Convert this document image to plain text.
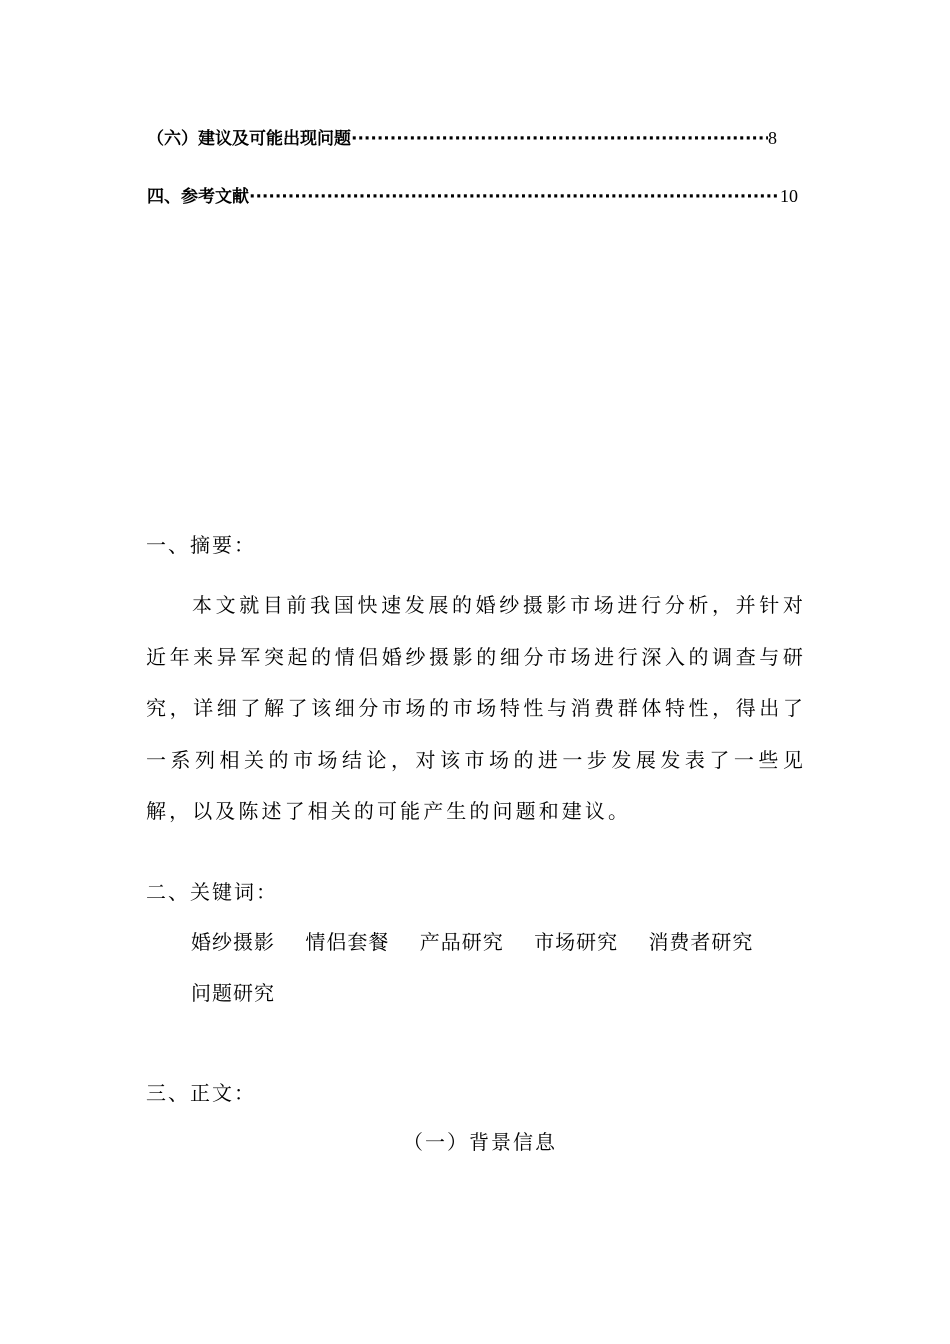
（六）建议及可能出现问题 ·····	8
四、参考文献 ·····	10
一、摘要：

本文就目前我国快速发展的婚纱摄影市场进行分析，并针对近年来异军突起的情侣婚纱摄影的细分市场进行深入的调查与研究，详细了解了该细分市场的市场特性与消费群体特性，得出了一系列相关的市场结论，对该市场的进一步发展发表了一些见解，以及陈述了相关的可能产生的问题和建议。

二、关键词：
婚纱摄影 情侣套餐 产品研究 市场研究 消费者研究
问题研究
三、正文：
（一）背景信息
